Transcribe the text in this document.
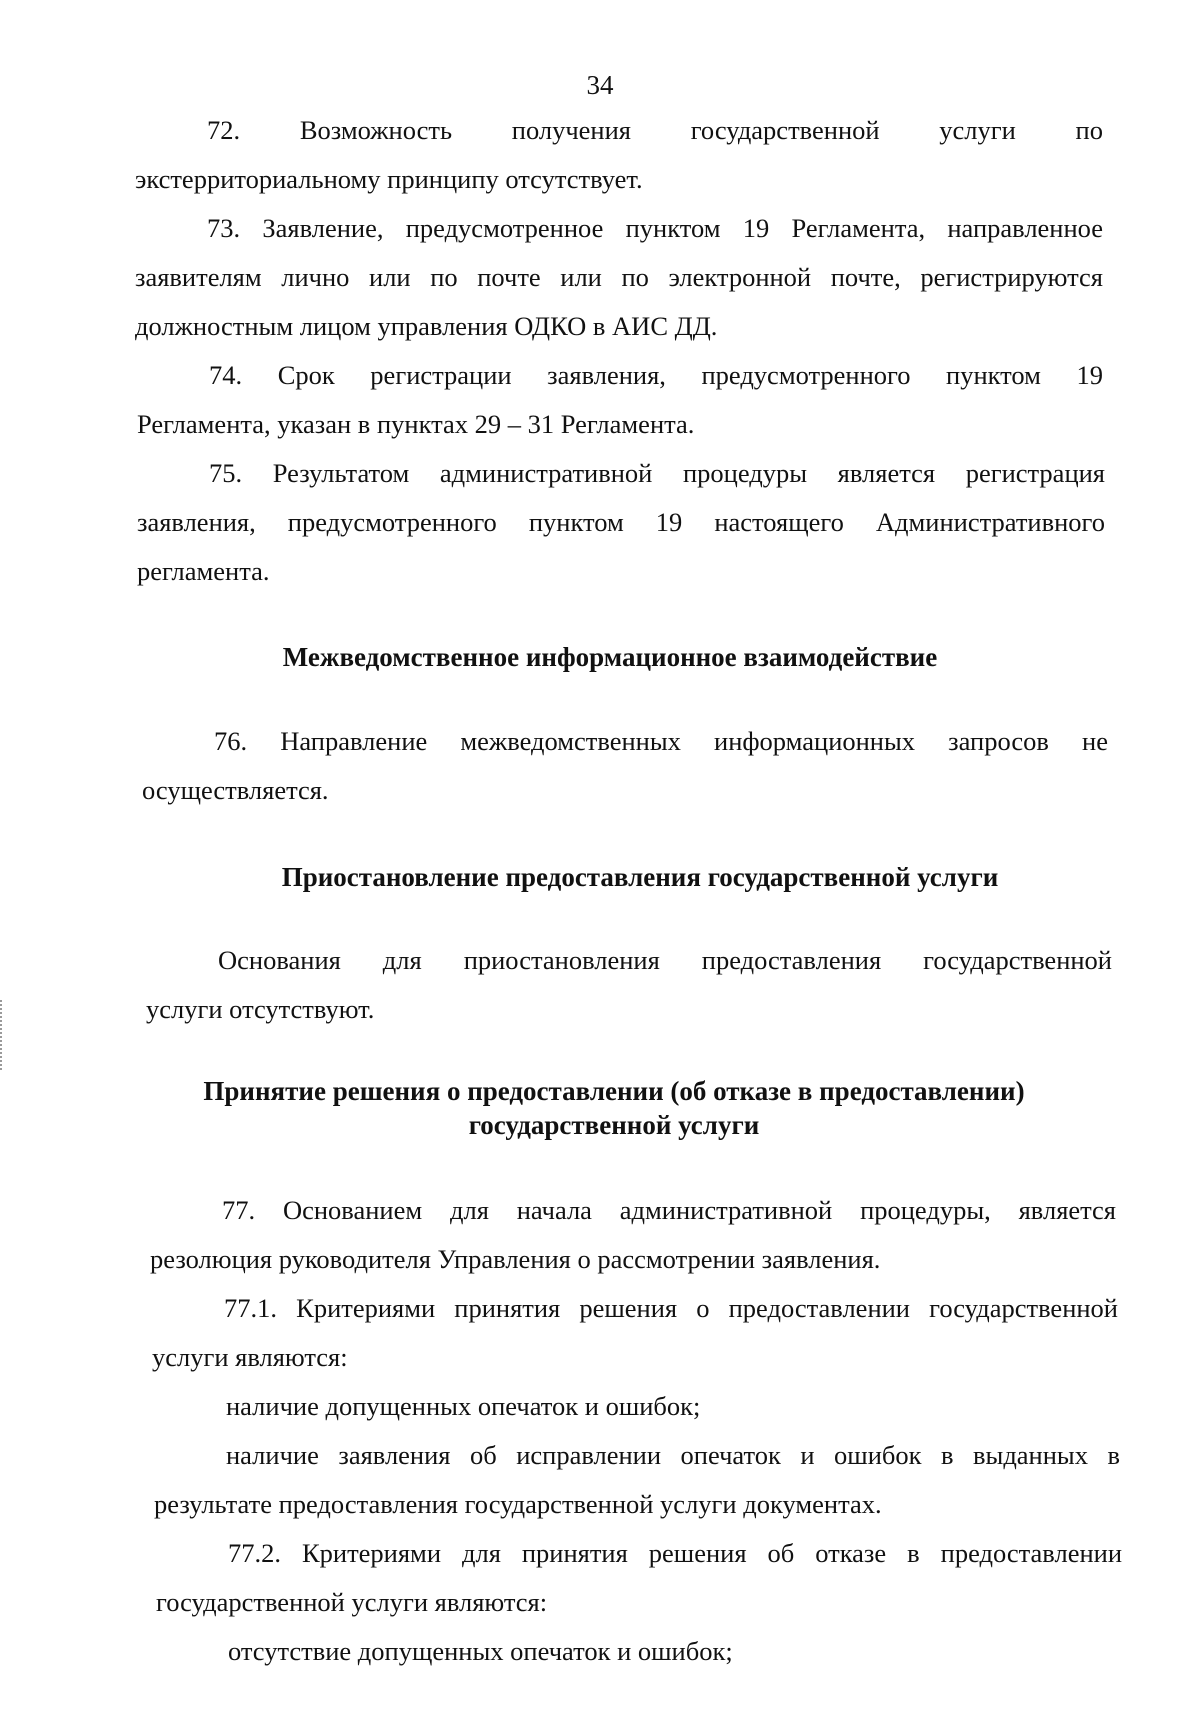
34
72. Возможность получения государственной услуги по
экстерриториальному принципу отсутствует.
73. Заявление, предусмотренное пунктом 19 Регламента, направленное
заявителям лично или по почте или по электронной почте, регистрируются
должностным лицом управления ОДКО в АИС ДД.
74. Срок регистрации заявления, предусмотренного пунктом 19
Регламента, указан в пунктах 29 – 31 Регламента.
75. Результатом административной процедуры является регистрация
заявления, предусмотренного пунктом 19 настоящего Административного
регламента.
Межведомственное информационное взаимодействие
76. Направление межведомственных информационных запросов не
осуществляется.
Приостановление предоставления государственной услуги
Основания для приостановления предоставления государственной
услуги отсутствуют.
Принятие решения о предоставлении (об отказе в предоставлении)
государственной услуги
77. Основанием для начала административной процедуры, является
резолюция руководителя Управления о рассмотрении заявления.
77.1. Критериями принятия решения о предоставлении государственной
услуги являются:
наличие допущенных опечаток и ошибок;
наличие заявления об исправлении опечаток и ошибок в выданных в
результате предоставления государственной услуги документах.
77.2. Критериями для принятия решения об отказе в предоставлении
государственной услуги являются:
отсутствие допущенных опечаток и ошибок;
